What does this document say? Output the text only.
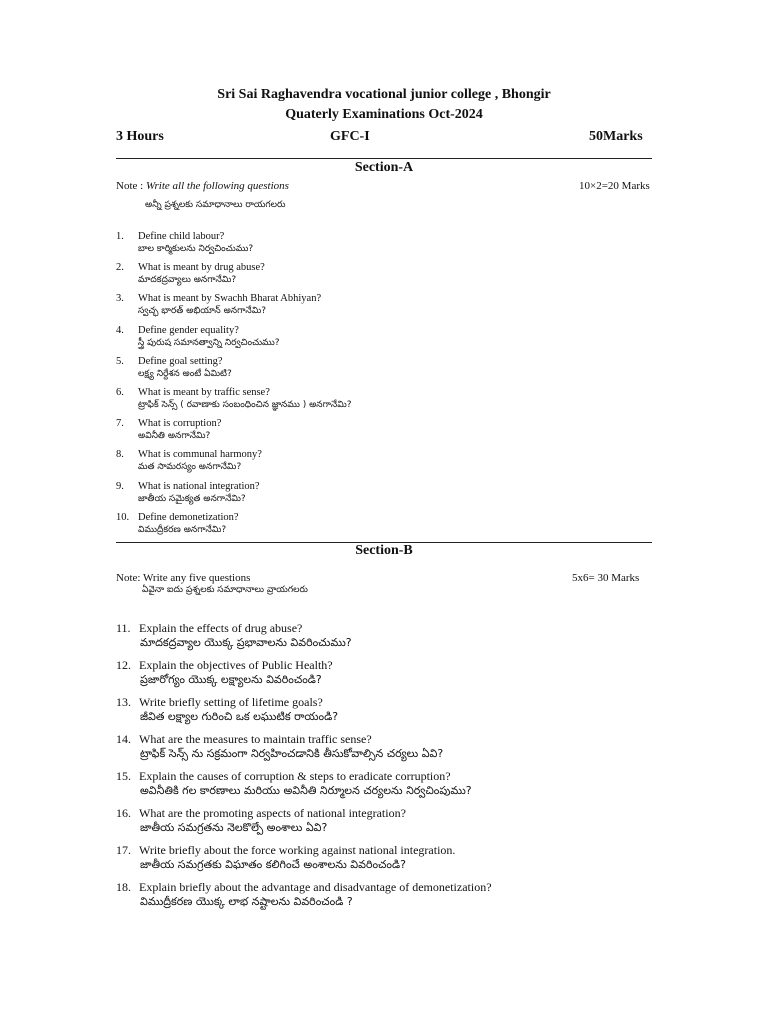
Sri Sai Raghavendra vocational junior college , Bhongir
Quaterly Examinations Oct-2024
3 Hours	GFC-I	50Marks
Section-A
Note : Write all the following questions	10×2=20 Marks
అన్నీ ప్రశ్నలకు సమాధానాలు రాయగలరు
1. Define child labour?
బాల కార్మికులను నిర్వచించుము?
2. What is meant by drug abuse?
మాదకద్రవ్యాలు అనగానేమి?
3. What is meant by Swachh Bharat Abhiyan?
స్వచ్ఛ భారత్ అభియాన్ అనగానేమి?
4. Define gender equality?
స్త్రీ పురుష సమానత్వాన్ని నిర్వచించుము?
5. Define goal setting?
లక్ష్య నిర్దేశన అంటే ఏమిటి?
6. What is meant by traffic sense?
ట్రాఫిక్ సెన్స్ ( రవాణాకు సంబంధించిన జ్ఞానము ) అనగానేమి?
7. What is corruption?
అవినీతి అనగానేమి?
8. What is communal harmony?
మత సామరస్యం అనగానేమి?
9. What is national integration?
జాతీయ సమైక్యత అనగానేమి?
10. Define demonetization?
విముద్రీకరణ అనగానేమి?
Section-B
Note: Write any five questions	5x6= 30 Marks
ఏవైనా ఐదు ప్రశ్నలకు సమాధానాలు వ్రాయగలరు
11. Explain the effects of drug abuse?
మాదకద్రవ్యాల యొక్క ప్రభావాలను వివరించుము?
12. Explain the objectives of Public Health?
ప్రజారోగ్యం యొక్క లక్ష్యాలను వివరించండి?
13. Write briefly setting of lifetime goals?
జీవిత లక్ష్యాల గురించి ఒక లఘుటిక రాయండి?
14. What are the measures to maintain traffic sense?
ట్రాఫిక్ సెన్స్ ను సక్రమంగా నిర్వహించడానికి తీసుకోవాల్సిన చర్యలు ఏవి?
15. Explain the causes of corruption & steps to eradicate corruption?
అవినీతికి గల కారణాలు మరియు అవినీతి నిర్మూలన చర్యలను నిర్వచింపుము?
16. What are the promoting aspects of national integration?
జాతీయ సమగ్రతను నెలకొల్పే అంశాలు ఏవి?
17. Write briefly about the force working against national integration.
జాతీయ సమగ్రతకు విఘాతం కలిగించే అంశాలను వివరించండి?
18. Explain briefly about the advantage and disadvantage of demonetization?
విముద్రీకరణ యొక్క లాభ నష్టాలను వివరించండి ?
